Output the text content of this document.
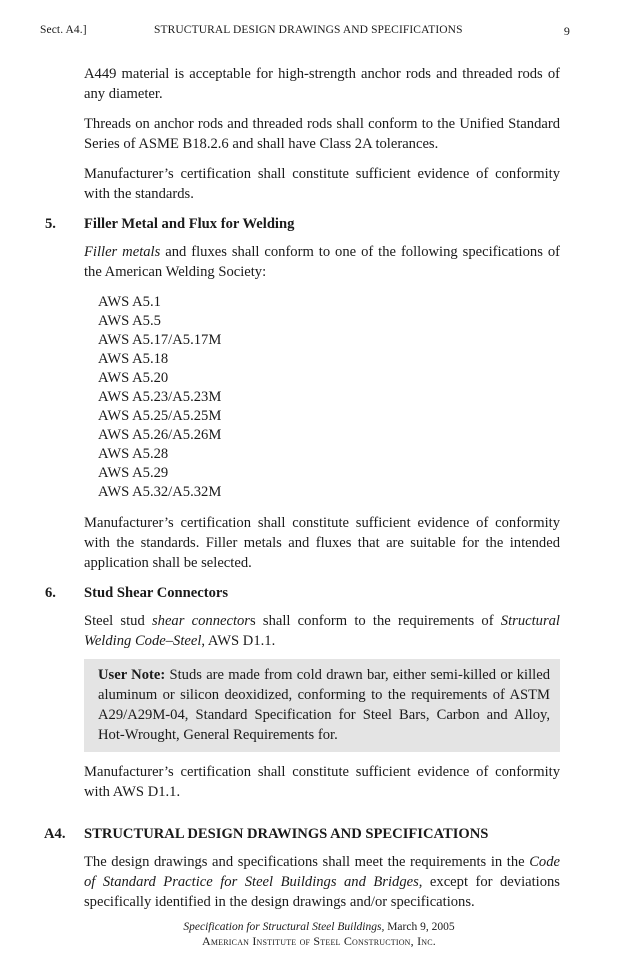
Sect. A4.]	STRUCTURAL DESIGN DRAWINGS AND SPECIFICATIONS	9

A449 material is acceptable for high-strength anchor rods and threaded rods of any diameter.

Threads on anchor rods and threaded rods shall conform to the Unified Standard Series of ASME B18.2.6 and shall have Class 2A tolerances.

Manufacturer’s certification shall constitute sufficient evidence of conformity with the standards.

5. Filler Metal and Flux for Welding

Filler metals and fluxes shall conform to one of the following specifications of the American Welding Society:

AWS A5.1
AWS A5.5
AWS A5.17/A5.17M
AWS A5.18
AWS A5.20
AWS A5.23/A5.23M
AWS A5.25/A5.25M
AWS A5.26/A5.26M
AWS A5.28
AWS A5.29
AWS A5.32/A5.32M

Manufacturer’s certification shall constitute sufficient evidence of conformity with the standards. Filler metals and fluxes that are suitable for the intended application shall be selected.

6. Stud Shear Connectors

Steel stud shear connectors shall conform to the requirements of Structural Welding Code–Steel, AWS D1.1.

User Note: Studs are made from cold drawn bar, either semi-killed or killed aluminum or silicon deoxidized, conforming to the requirements of ASTM A29/A29M-04, Standard Specification for Steel Bars, Carbon and Alloy, Hot-Wrought, General Requirements for.

Manufacturer’s certification shall constitute sufficient evidence of conformity with AWS D1.1.

A4. STRUCTURAL DESIGN DRAWINGS AND SPECIFICATIONS

The design drawings and specifications shall meet the requirements in the Code of Standard Practice for Steel Buildings and Bridges, except for deviations specifically identified in the design drawings and/or specifications.

Specification for Structural Steel Buildings, March 9, 2005
American Institute of Steel Construction, Inc.
